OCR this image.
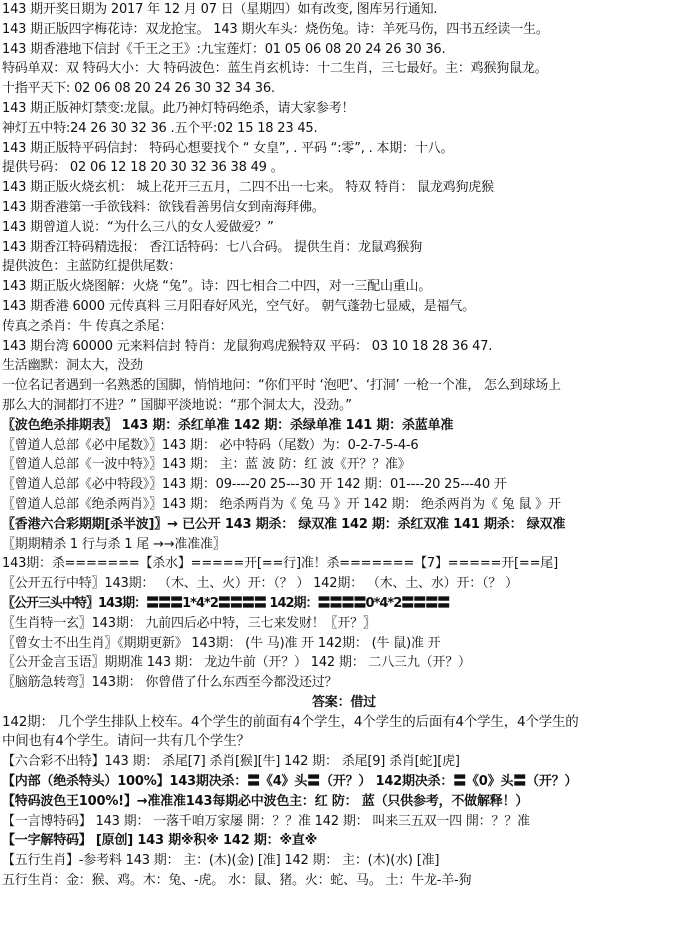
143 期开奖日期为 2017 年 12 月 07 日（星期四）如有改变, 图库另行通知.
143 期正版四字梅花诗：双龙抢宝。 143 期火车头：烧伤兔。诗：羊死马伤，四书五经读一生。
143 期香港地下信封《千王之王》:九宝莲灯：01 05 06 08 20 24 26 30 36.
特码单双：双 特码大小：大 特码波色：蓝生肖玄机诗：十二生肖，三七最好。主：鸡猴狗鼠龙。
十指平天下: 02 06 08 20 24 26 30 32 34 36.
143 期正版神灯禁变:龙鼠。此乃神灯特码绝杀，请大家参考！
神灯五中特:24 26 30 32 36 .五个平:02 15 18 23 45.
143 期正版特平码信封： 特码心想要找个 “ 女皇”, . 平码 “:零”, . 本期：十八。
提供号码： 02 06 12 18 20 30 32 36 38 49 。
143 期正版火烧玄机： 城上花开三五月，二四不出一七来。 特双 特肖： 鼠龙鸡狗虎猴
143 期香港第一手欲钱料：欲钱看善男信女到南海拜佛。
143 期曾道人说：“为什么三八的女人爱做爱？”
143 期香江特码精选报： 香江话特码：七八合码。 提供生肖：龙鼠鸡猴狗
提供波色：主蓝防红提供尾数：
143 期正版火烧图解：火烧 “兔”。诗：四七相合二中四，对一三配山重山。
143 期香港 6000 元传真料 三月阳春好风光，空气好。 朝气蓬勃七显威，是福气。
传真之杀肖：牛 传真之杀尾：
143 期台湾 60000 元来料信封 特肖：龙鼠狗鸡虎猴特双 平码： 03 10 18 28 36 47.
生活幽默：洞太大，没劲
一位名记者遇到一名熟悉的国脚，悄悄地问：“你们平时 ‘泡吧’、‘打洞’ 一枪一个准， 怎么到球场上
那么大的洞都打不进？” 国脚平淡地说：“那个洞太大，没劲。”
〖波色绝杀排期表〗 143 期：杀红单准 142 期：杀绿单准 141 期：杀蓝单准
〖曾道人总部《必中尾数》〗143 期： 必中特码（尾数）为：0-2-7-5-4-6
〖曾道人总部《一波中特》〗143 期： 主：蓝 波 防：红 波《开？？准》
〖曾道人总部《必中特段》〗143 期：09----20 25---30 开 142 期：01----20 25---40 开
〖曾道人总部《绝杀两肖》〗143 期： 绝杀两肖为《 兔 马 》开 142 期： 绝杀两肖为《 兔 鼠 》开
〖香港六合彩期期[杀半波]〗→ 已公开 143 期杀： 绿双准 142 期：杀红双准 141 期杀： 绿双准
〖期期精杀 1 行与杀 1 尾 →→准准准〗
143期：杀=======【杀水】=====开[==行]准！杀=======【7】=====开[==尾]
〖公开五行中特〗143期： （木、土、火）开：（？ ） 142期： （木、土、水）开：（？ ）
〖公开三头中特〗143期：〓〓〓1*4*2〓〓〓〓 142期：〓〓〓〓0*4*2〓〓〓〓
〖生肖特一玄〗143期： 九前四后必中特，三七来发财！〖开？〗
〖曾女士不出生肖〗《期期更新》 143期： (牛 马)准 开 142期： (牛 鼠)准 开
〖公开金言玉语〗期期准 143 期： 龙边牛前（开？） 142 期： 二八三九（开？）
〖脑筋急转弯〗143期： 你曾借了什么东西至今都没还过？
答案：借过
142期： 几个学生排队上校车。4个学生的前面有4个学生，4个学生的后面有4个学生，4个学生的
中间也有4个学生。请问一共有几个学生？
【六合彩不出特】143 期： 杀尾[7] 杀肖[猴][牛] 142 期： 杀尾[9] 杀肖[蛇][虎]
【内部（绝杀特头）100%】143期决杀：〓《4》头〓（开？） 142期决杀：〓《0》头〓（开？）
【特码波色王100%!】→准准准143每期必中波色主：红 防： 蓝（只供参考，不做解释！）
【一言博特码】 143 期： 一落千咱万家屡 開：？？准 142 期： 叫来三五双一四 開：？？准
【一字解特码】 [原创] 143 期※积※ 142 期：※直※
【五行生肖】-参考料 143 期： 主：(木)(金) [准] 142 期： 主：(木)(水) [准]
五行生肖：金：猴、鸡。木：兔、-虎。 水：鼠、猪。火：蛇、马。 土：牛龙-羊-狗
